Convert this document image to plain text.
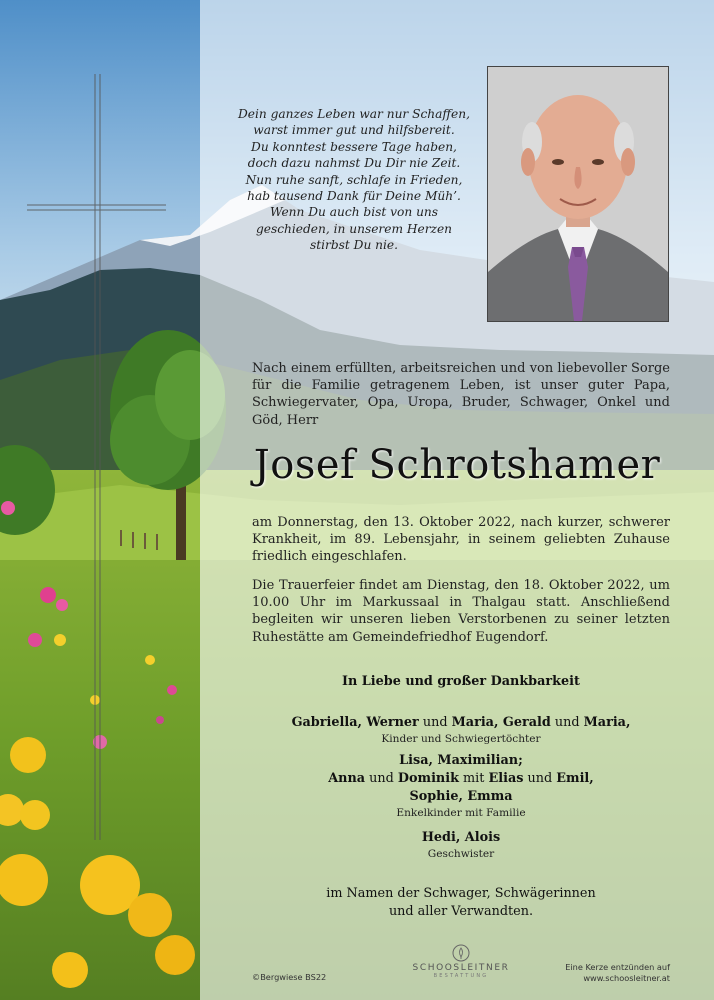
Dein ganzes Leben war nur Schaffen,
warst immer gut und hilfsbereit.
Du konntest bessere Tage haben,
doch dazu nahmst Du Dir nie Zeit.
Nun ruhe sanft, schlafe in Frieden,
hab tausend Dank für Deine Müh’.
Wenn Du auch bist von uns
geschieden, in unserem Herzen
stirbst Du nie.
Nach einem erfüllten, arbeitsreichen und von liebevoller Sorge für die Familie getragenem Leben, ist unser guter Papa, Schwiegervater, Opa, Uropa, Bruder, Schwager, Onkel und Göd, Herr
Josef Schrotshamer
am Donnerstag, den 13. Oktober 2022, nach kurzer, schwerer Krankheit, im 89. Lebensjahr, in seinem geliebten Zuhause friedlich eingeschlafen.
Die Trauerfeier findet am Dienstag, den 18. Oktober 2022, um 10.00 Uhr im Markussaal in Thalgau statt. Anschließend begleiten wir unseren lieben Verstorbenen zu seiner letzten Ruhestätte am Gemeindefriedhof Eugendorf.
In Liebe und großer Dankbarkeit
Gabriella, Werner und Maria, Gerald und Maria,
Kinder und Schwiegertöchter
Lisa, Maximilian;
Anna und Dominik mit Elias und Emil,
Sophie, Emma
Enkelkinder mit Familie
Hedi, Alois
Geschwister
im Namen der Schwager, Schwägerinnen
und aller Verwandten.
©Bergwiese BS22
SCHOOSLEITNER
BESTATTUNG
Eine Kerze entzünden auf
www.schoosleitner.at
